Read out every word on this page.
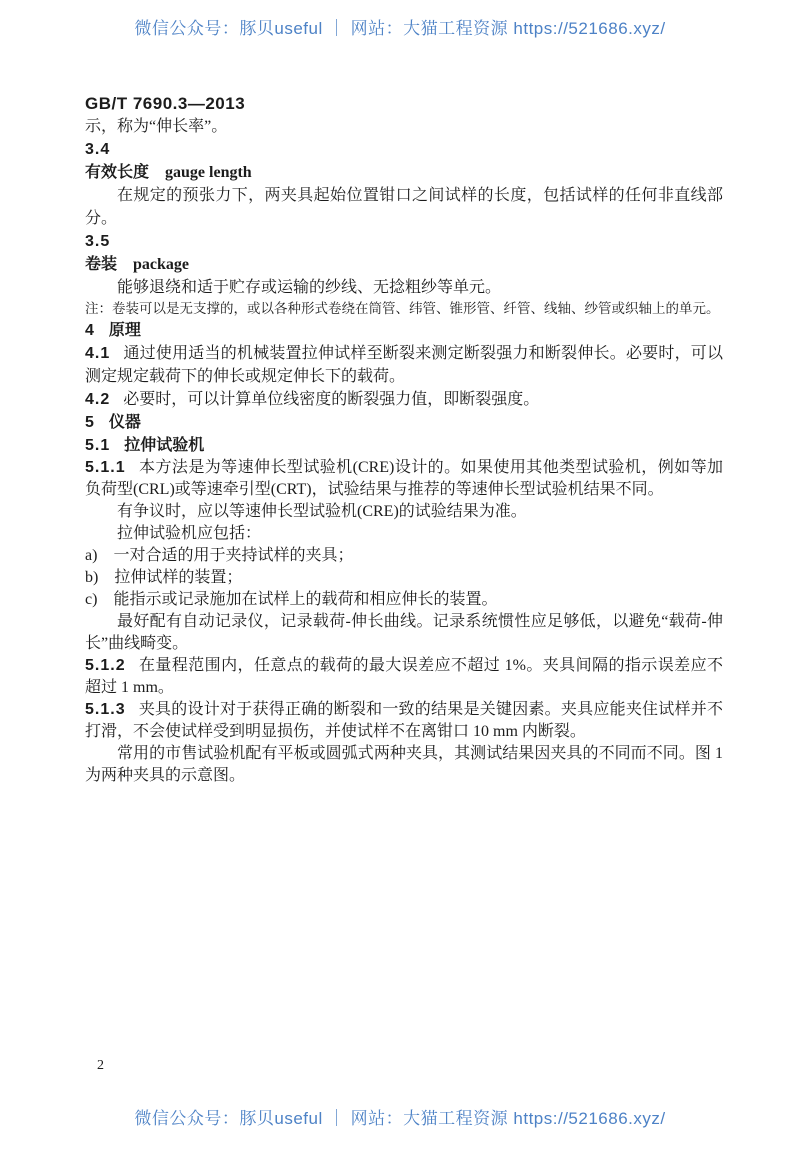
微信公众号：豚贝useful ｜ 网站：大猫工程资源 https://521686.xyz/
GB/T 7690.3—2013

示，称为“伸长率”。

3.4
有效长度 gauge length

在规定的预张力下，两夹具起始位置钳口之间试样的长度，包括试样的任何非直线部分。

3.5
卷装 package

能够退绕和适于贮存或运输的纱线、无捻粗纱等单元。

注：卷装可以是无支撑的，或以各种形式卷绕在筒管、纬管、锥形管、纤管、线轴、纱管或织轴上的单元。

4 原理

4.1 通过使用适当的机械装置拉伸试样至断裂来测定断裂强力和断裂伸长。必要时，可以测定规定载荷下的伸长或规定伸长下的载荷。

4.2 必要时，可以计算单位线密度的断裂强力值，即断裂强度。

5 仪器
5.1 拉伸试验机

5.1.1 本方法是为等速伸长型试验机(CRE)设计的。如果使用其他类型试验机，例如等加负荷型(CRL)或等速牵引型(CRT)，试验结果与推荐的等速伸长型试验机结果不同。

有争议时，应以等速伸长型试验机(CRE)的试验结果为准。

拉伸试验机应包括：

a) 一对合适的用于夹持试样的夹具；

b) 拉伸试样的装置；

c) 能指示或记录施加在试样上的载荷和相应伸长的装置。

最好配有自动记录仪，记录载荷-伸长曲线。记录系统惯性应足够低，以避免“载荷-伸长”曲线畸变。

5.1.2 在量程范围内，任意点的载荷的最大误差应不超过 1%。夹具间隔的指示误差应不超过 1 mm。

5.1.3 夹具的设计对于获得正确的断裂和一致的结果是关键因素。夹具应能夹住试样并不打滑，不会使试样受到明显损伤，并使试样不在离钳口 10 mm 内断裂。

常用的市售试验机配有平板或圆弧式两种夹具，其测试结果因夹具的不同而不同。图 1 为两种夹具的示意图。

2
微信公众号：豚贝useful ｜ 网站：大猫工程资源 https://521686.xyz/
